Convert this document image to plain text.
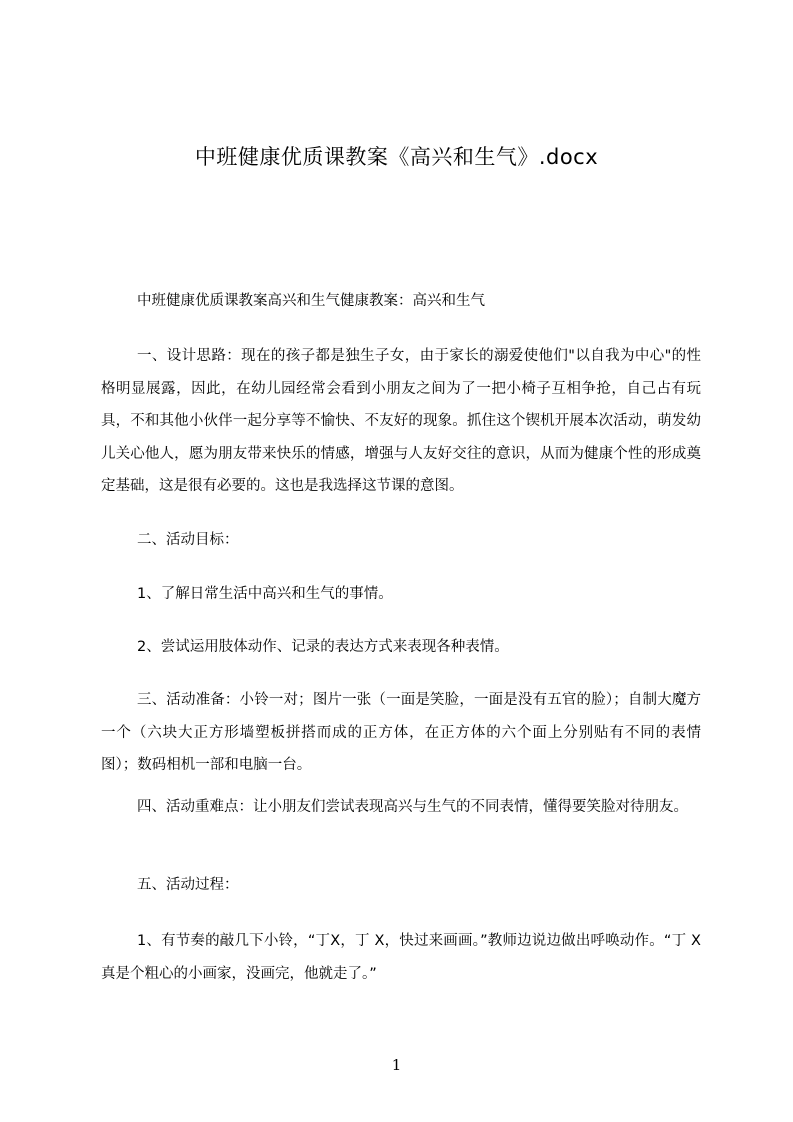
中班健康优质课教案《高兴和生气》.docx
中班健康优质课教案高兴和生气健康教案：高兴和生气
一、设计思路：现在的孩子都是独生子女，由于家长的溺爱使他们"以自我为中心"的性格明显展露，因此，在幼儿园经常会看到小朋友之间为了一把小椅子互相争抢，自己占有玩具，不和其他小伙伴一起分享等不愉快、不友好的现象。抓住这个锲机开展本次活动，萌发幼儿关心他人，愿为朋友带来快乐的情感，增强与人友好交往的意识，从而为健康个性的形成奠定基础，这是很有必要的。这也是我选择这节课的意图。
二、活动目标：
1、了解日常生活中高兴和生气的事情。
2、尝试运用肢体动作、记录的表达方式来表现各种表情。
三、活动准备：小铃一对；图片一张（一面是笑脸，一面是没有五官的脸）；自制大魔方一个（六块大正方形墙塑板拼搭而成的正方体，在正方体的六个面上分别贴有不同的表情图）；数码相机一部和电脑一台。
四、活动重难点：让小朋友们尝试表现高兴与生气的不同表情，懂得要笑脸对待朋友。
五、活动过程：
1、有节奏的敲几下小铃，“丁X，丁 X，快过来画画。”教师边说边做出呼唤动作。“丁 X 真是个粗心的小画家，没画完，他就走了。”
1
